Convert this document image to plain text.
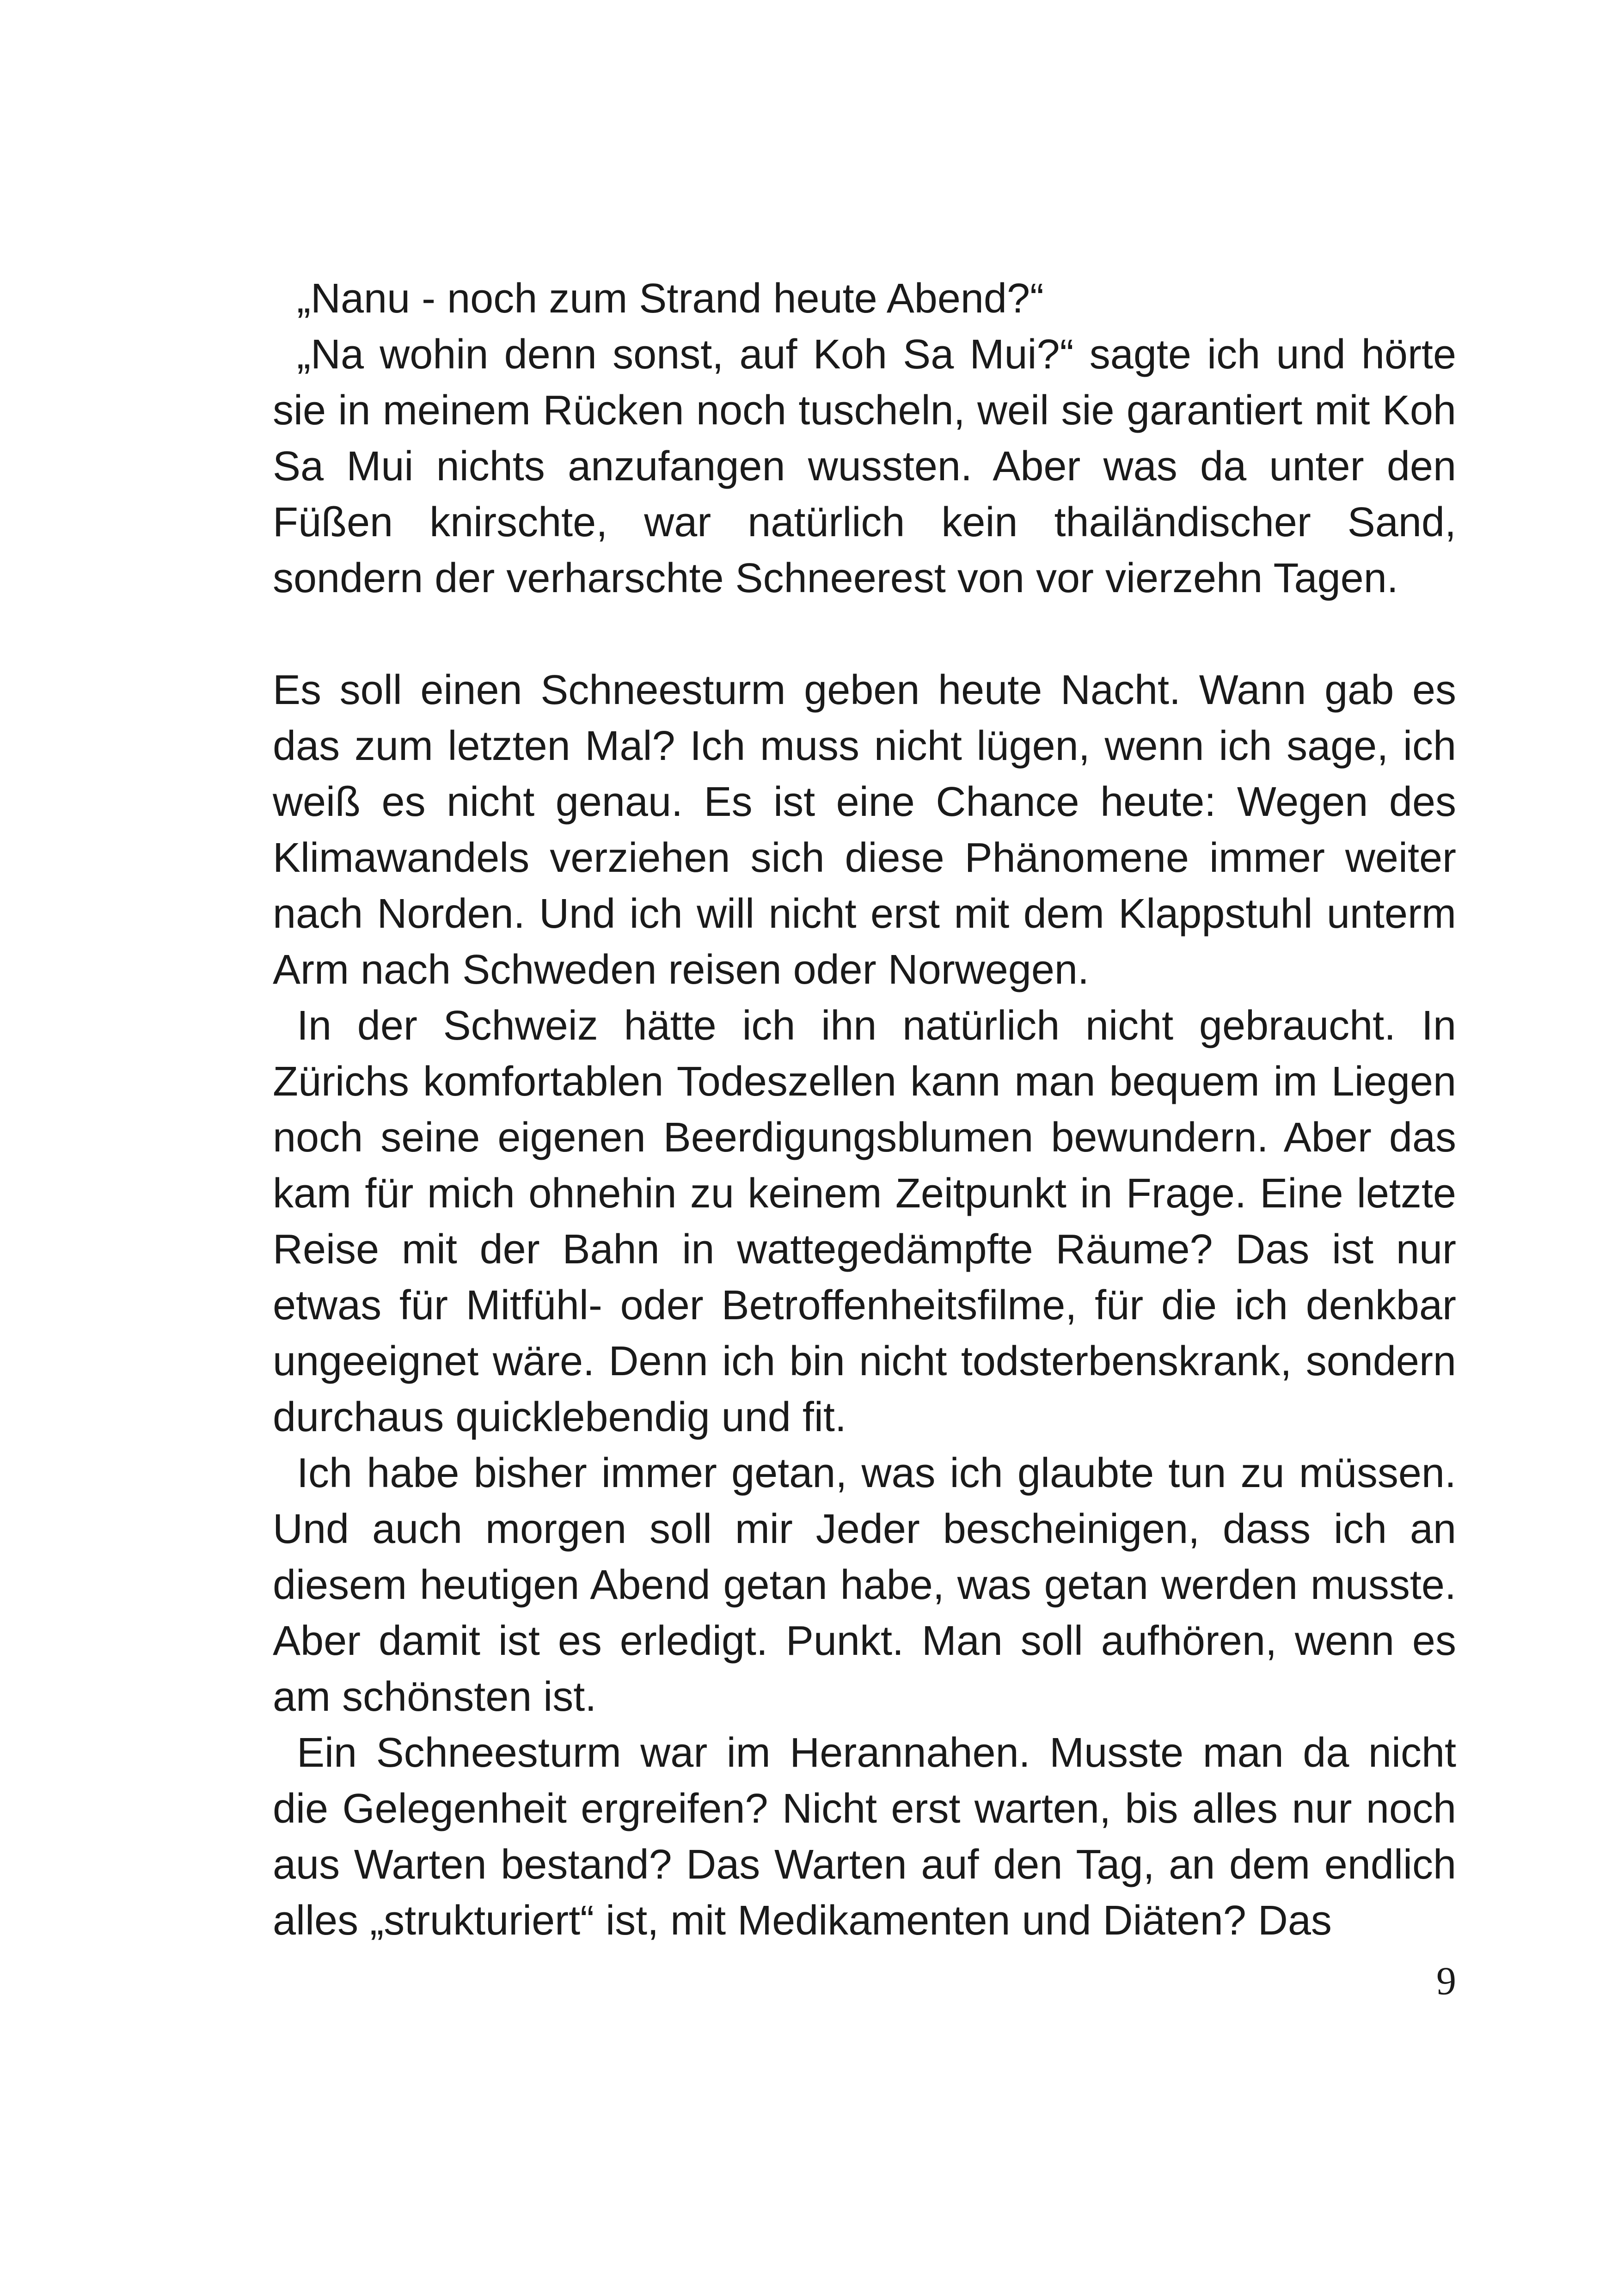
„Nanu - noch zum Strand heute Abend?“

„Na wohin denn sonst, auf Koh Sa Mui?“ sagte ich und hörte sie in meinem Rücken noch tuscheln, weil sie garantiert mit Koh Sa Mui nichts anzufangen wussten. Aber was da unter den Füßen knirschte, war natürlich kein thailändischer Sand, sondern der verharschte Schneerest von vor vierzehn Tagen.

Es soll einen Schneesturm geben heute Nacht. Wann gab es das zum letzten Mal? Ich muss nicht lügen, wenn ich sage, ich weiß es nicht genau. Es ist eine Chance heute: Wegen des Klimawandels verziehen sich diese Phänomene immer weiter nach Norden. Und ich will nicht erst mit dem Klappstuhl unterm Arm nach Schweden reisen oder Norwegen.

In der Schweiz hätte ich ihn natürlich nicht gebraucht. In Zürichs komfortablen Todeszellen kann man bequem im Liegen noch seine eigenen Beerdigungsblumen bewundern. Aber das kam für mich ohnehin zu keinem Zeitpunkt in Frage. Eine letzte Reise mit der Bahn in wattegedämpfte Räume? Das ist nur etwas für Mitfühl- oder Betroffenheitsfilme, für die ich denkbar ungeeignet wäre. Denn ich bin nicht todsterbenskrank, sondern durchaus quicklebendig und fit.

Ich habe bisher immer getan, was ich glaubte tun zu müssen. Und auch morgen soll mir Jeder bescheinigen, dass ich an diesem heutigen Abend getan habe, was getan werden musste. Aber damit ist es erledigt. Punkt. Man soll aufhören, wenn es am schönsten ist.

Ein Schneesturm war im Herannahen. Musste man da nicht die Gelegenheit ergreifen? Nicht erst warten, bis alles nur noch aus Warten bestand? Das Warten auf den Tag, an dem endlich alles „strukturiert“ ist, mit Medikamenten und Diäten? Das

9
